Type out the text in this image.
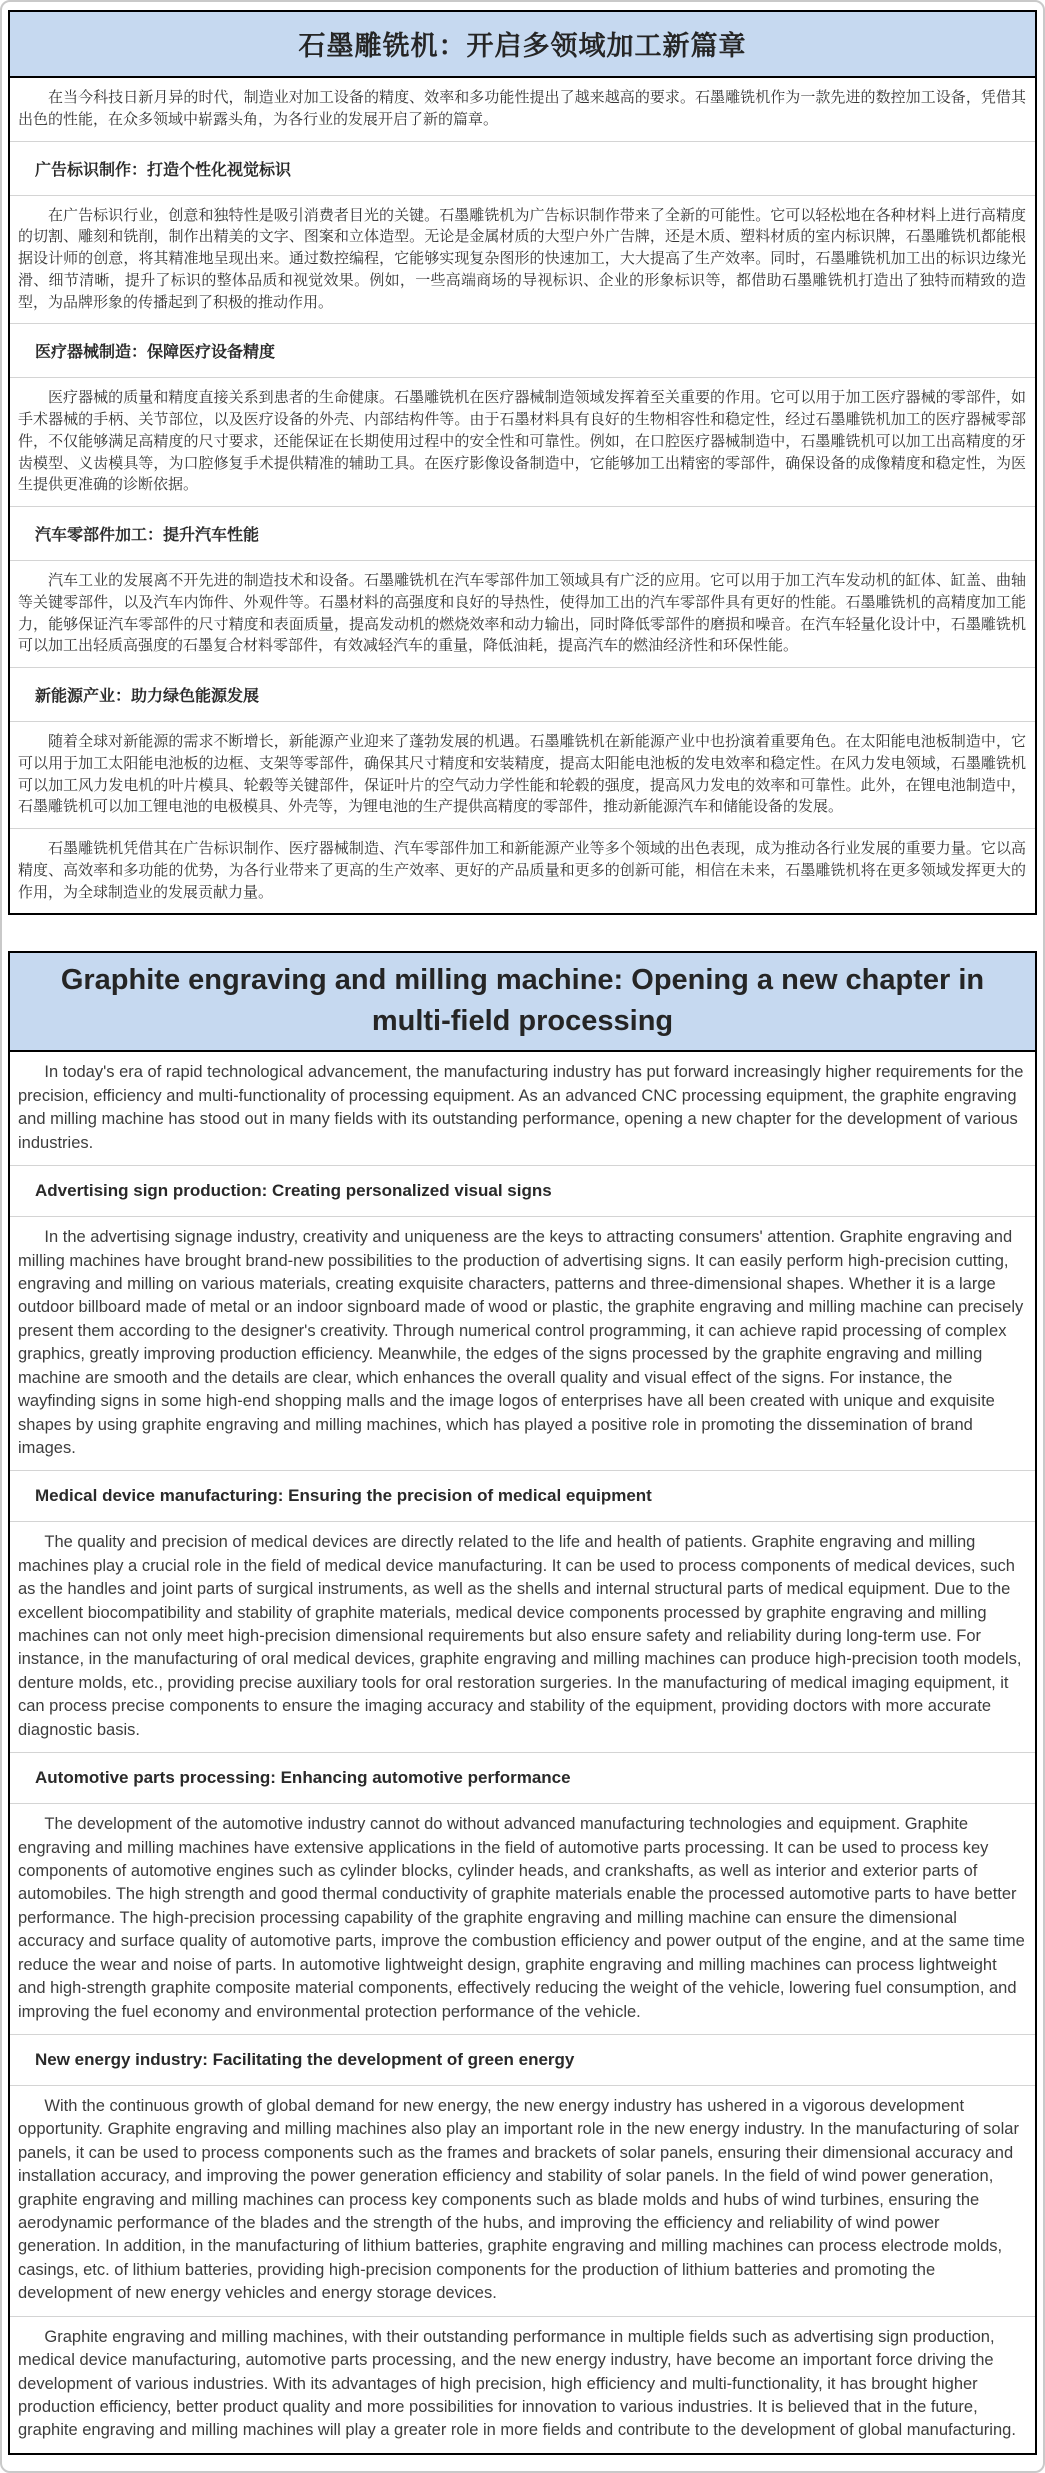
石墨雕铣机：开启多领域加工新篇章
在当今科技日新月异的时代，制造业对加工设备的精度、效率和多功能性提出了越来越高的要求。石墨雕铣机作为一款先进的数控加工设备，凭借其出色的性能，在众多领域中崭露头角，为各行业的发展开启了新的篇章。
广告标识制作：打造个性化视觉标识
在广告标识行业，创意和独特性是吸引消费者目光的关键。石墨雕铣机为广告标识制作带来了全新的可能性。它可以轻松地在各种材料上进行高精度的切割、雕刻和铣削，制作出精美的文字、图案和立体造型。无论是金属材质的大型户外广告牌，还是木质、塑料材质的室内标识牌，石墨雕铣机都能根据设计师的创意，将其精准地呈现出来。通过数控编程，它能够实现复杂图形的快速加工，大大提高了生产效率。同时，石墨雕铣机加工出的标识边缘光滑、细节清晰，提升了标识的整体品质和视觉效果。例如，一些高端商场的导视标识、企业的形象标识等，都借助石墨雕铣机打造出了独特而精致的造型，为品牌形象的传播起到了积极的推动作用。
医疗器械制造：保障医疗设备精度
医疗器械的质量和精度直接关系到患者的生命健康。石墨雕铣机在医疗器械制造领域发挥着至关重要的作用。它可以用于加工医疗器械的零部件，如手术器械的手柄、关节部位，以及医疗设备的外壳、内部结构件等。由于石墨材料具有良好的生物相容性和稳定性，经过石墨雕铣机加工的医疗器械零部件，不仅能够满足高精度的尺寸要求，还能保证在长期使用过程中的安全性和可靠性。例如，在口腔医疗器械制造中，石墨雕铣机可以加工出高精度的牙齿模型、义齿模具等，为口腔修复手术提供精准的辅助工具。在医疗影像设备制造中，它能够加工出精密的零部件，确保设备的成像精度和稳定性，为医生提供更准确的诊断依据。
汽车零部件加工：提升汽车性能
汽车工业的发展离不开先进的制造技术和设备。石墨雕铣机在汽车零部件加工领域具有广泛的应用。它可以用于加工汽车发动机的缸体、缸盖、曲轴等关键零部件，以及汽车内饰件、外观件等。石墨材料的高强度和良好的导热性，使得加工出的汽车零部件具有更好的性能。石墨雕铣机的高精度加工能力，能够保证汽车零部件的尺寸精度和表面质量，提高发动机的燃烧效率和动力输出，同时降低零部件的磨损和噪音。在汽车轻量化设计中，石墨雕铣机可以加工出轻质高强度的石墨复合材料零部件，有效减轻汽车的重量，降低油耗，提高汽车的燃油经济性和环保性能。
新能源产业：助力绿色能源发展
随着全球对新能源的需求不断增长，新能源产业迎来了蓬勃发展的机遇。石墨雕铣机在新能源产业中也扮演着重要角色。在太阳能电池板制造中，它可以用于加工太阳能电池板的边框、支架等零部件，确保其尺寸精度和安装精度，提高太阳能电池板的发电效率和稳定性。在风力发电领域，石墨雕铣机可以加工风力发电机的叶片模具、轮毂等关键部件，保证叶片的空气动力学性能和轮毂的强度，提高风力发电的效率和可靠性。此外，在锂电池制造中，石墨雕铣机可以加工锂电池的电极模具、外壳等，为锂电池的生产提供高精度的零部件，推动新能源汽车和储能设备的发展。
石墨雕铣机凭借其在广告标识制作、医疗器械制造、汽车零部件加工和新能源产业等多个领域的出色表现，成为推动各行业发展的重要力量。它以高精度、高效率和多功能的优势，为各行业带来了更高的生产效率、更好的产品质量和更多的创新可能，相信在未来，石墨雕铣机将在更多领域发挥更大的作用，为全球制造业的发展贡献力量。
Graphite engraving and milling machine: Opening a new chapter in multi-field processing
In today's era of rapid technological advancement, the manufacturing industry has put forward increasingly higher requirements for the precision, efficiency and multi-functionality of processing equipment. As an advanced CNC processing equipment, the graphite engraving and milling machine has stood out in many fields with its outstanding performance, opening a new chapter for the development of various industries.
Advertising sign production: Creating personalized visual signs
In the advertising signage industry, creativity and uniqueness are the keys to attracting consumers' attention. Graphite engraving and milling machines have brought brand-new possibilities to the production of advertising signs. It can easily perform high-precision cutting, engraving and milling on various materials, creating exquisite characters, patterns and three-dimensional shapes. Whether it is a large outdoor billboard made of metal or an indoor signboard made of wood or plastic, the graphite engraving and milling machine can precisely present them according to the designer's creativity. Through numerical control programming, it can achieve rapid processing of complex graphics, greatly improving production efficiency. Meanwhile, the edges of the signs processed by the graphite engraving and milling machine are smooth and the details are clear, which enhances the overall quality and visual effect of the signs. For instance, the wayfinding signs in some high-end shopping malls and the image logos of enterprises have all been created with unique and exquisite shapes by using graphite engraving and milling machines, which has played a positive role in promoting the dissemination of brand images.
Medical device manufacturing: Ensuring the precision of medical equipment
The quality and precision of medical devices are directly related to the life and health of patients. Graphite engraving and milling machines play a crucial role in the field of medical device manufacturing. It can be used to process components of medical devices, such as the handles and joint parts of surgical instruments, as well as the shells and internal structural parts of medical equipment. Due to the excellent biocompatibility and stability of graphite materials, medical device components processed by graphite engraving and milling machines can not only meet high-precision dimensional requirements but also ensure safety and reliability during long-term use. For instance, in the manufacturing of oral medical devices, graphite engraving and milling machines can produce high-precision tooth models, denture molds, etc., providing precise auxiliary tools for oral restoration surgeries. In the manufacturing of medical imaging equipment, it can process precise components to ensure the imaging accuracy and stability of the equipment, providing doctors with more accurate diagnostic basis.
Automotive parts processing: Enhancing automotive performance
The development of the automotive industry cannot do without advanced manufacturing technologies and equipment. Graphite engraving and milling machines have extensive applications in the field of automotive parts processing. It can be used to process key components of automotive engines such as cylinder blocks, cylinder heads, and crankshafts, as well as interior and exterior parts of automobiles. The high strength and good thermal conductivity of graphite materials enable the processed automotive parts to have better performance. The high-precision processing capability of the graphite engraving and milling machine can ensure the dimensional accuracy and surface quality of automotive parts, improve the combustion efficiency and power output of the engine, and at the same time reduce the wear and noise of parts. In automotive lightweight design, graphite engraving and milling machines can process lightweight and high-strength graphite composite material components, effectively reducing the weight of the vehicle, lowering fuel consumption, and improving the fuel economy and environmental protection performance of the vehicle.
New energy industry: Facilitating the development of green energy
With the continuous growth of global demand for new energy, the new energy industry has ushered in a vigorous development opportunity. Graphite engraving and milling machines also play an important role in the new energy industry. In the manufacturing of solar panels, it can be used to process components such as the frames and brackets of solar panels, ensuring their dimensional accuracy and installation accuracy, and improving the power generation efficiency and stability of solar panels. In the field of wind power generation, graphite engraving and milling machines can process key components such as blade molds and hubs of wind turbines, ensuring the aerodynamic performance of the blades and the strength of the hubs, and improving the efficiency and reliability of wind power generation. In addition, in the manufacturing of lithium batteries, graphite engraving and milling machines can process electrode molds, casings, etc. of lithium batteries, providing high-precision components for the production of lithium batteries and promoting the development of new energy vehicles and energy storage devices.
Graphite engraving and milling machines, with their outstanding performance in multiple fields such as advertising sign production, medical device manufacturing, automotive parts processing, and the new energy industry, have become an important force driving the development of various industries. With its advantages of high precision, high efficiency and multi-functionality, it has brought higher production efficiency, better product quality and more possibilities for innovation to various industries. It is believed that in the future, graphite engraving and milling machines will play a greater role in more fields and contribute to the development of global manufacturing.
